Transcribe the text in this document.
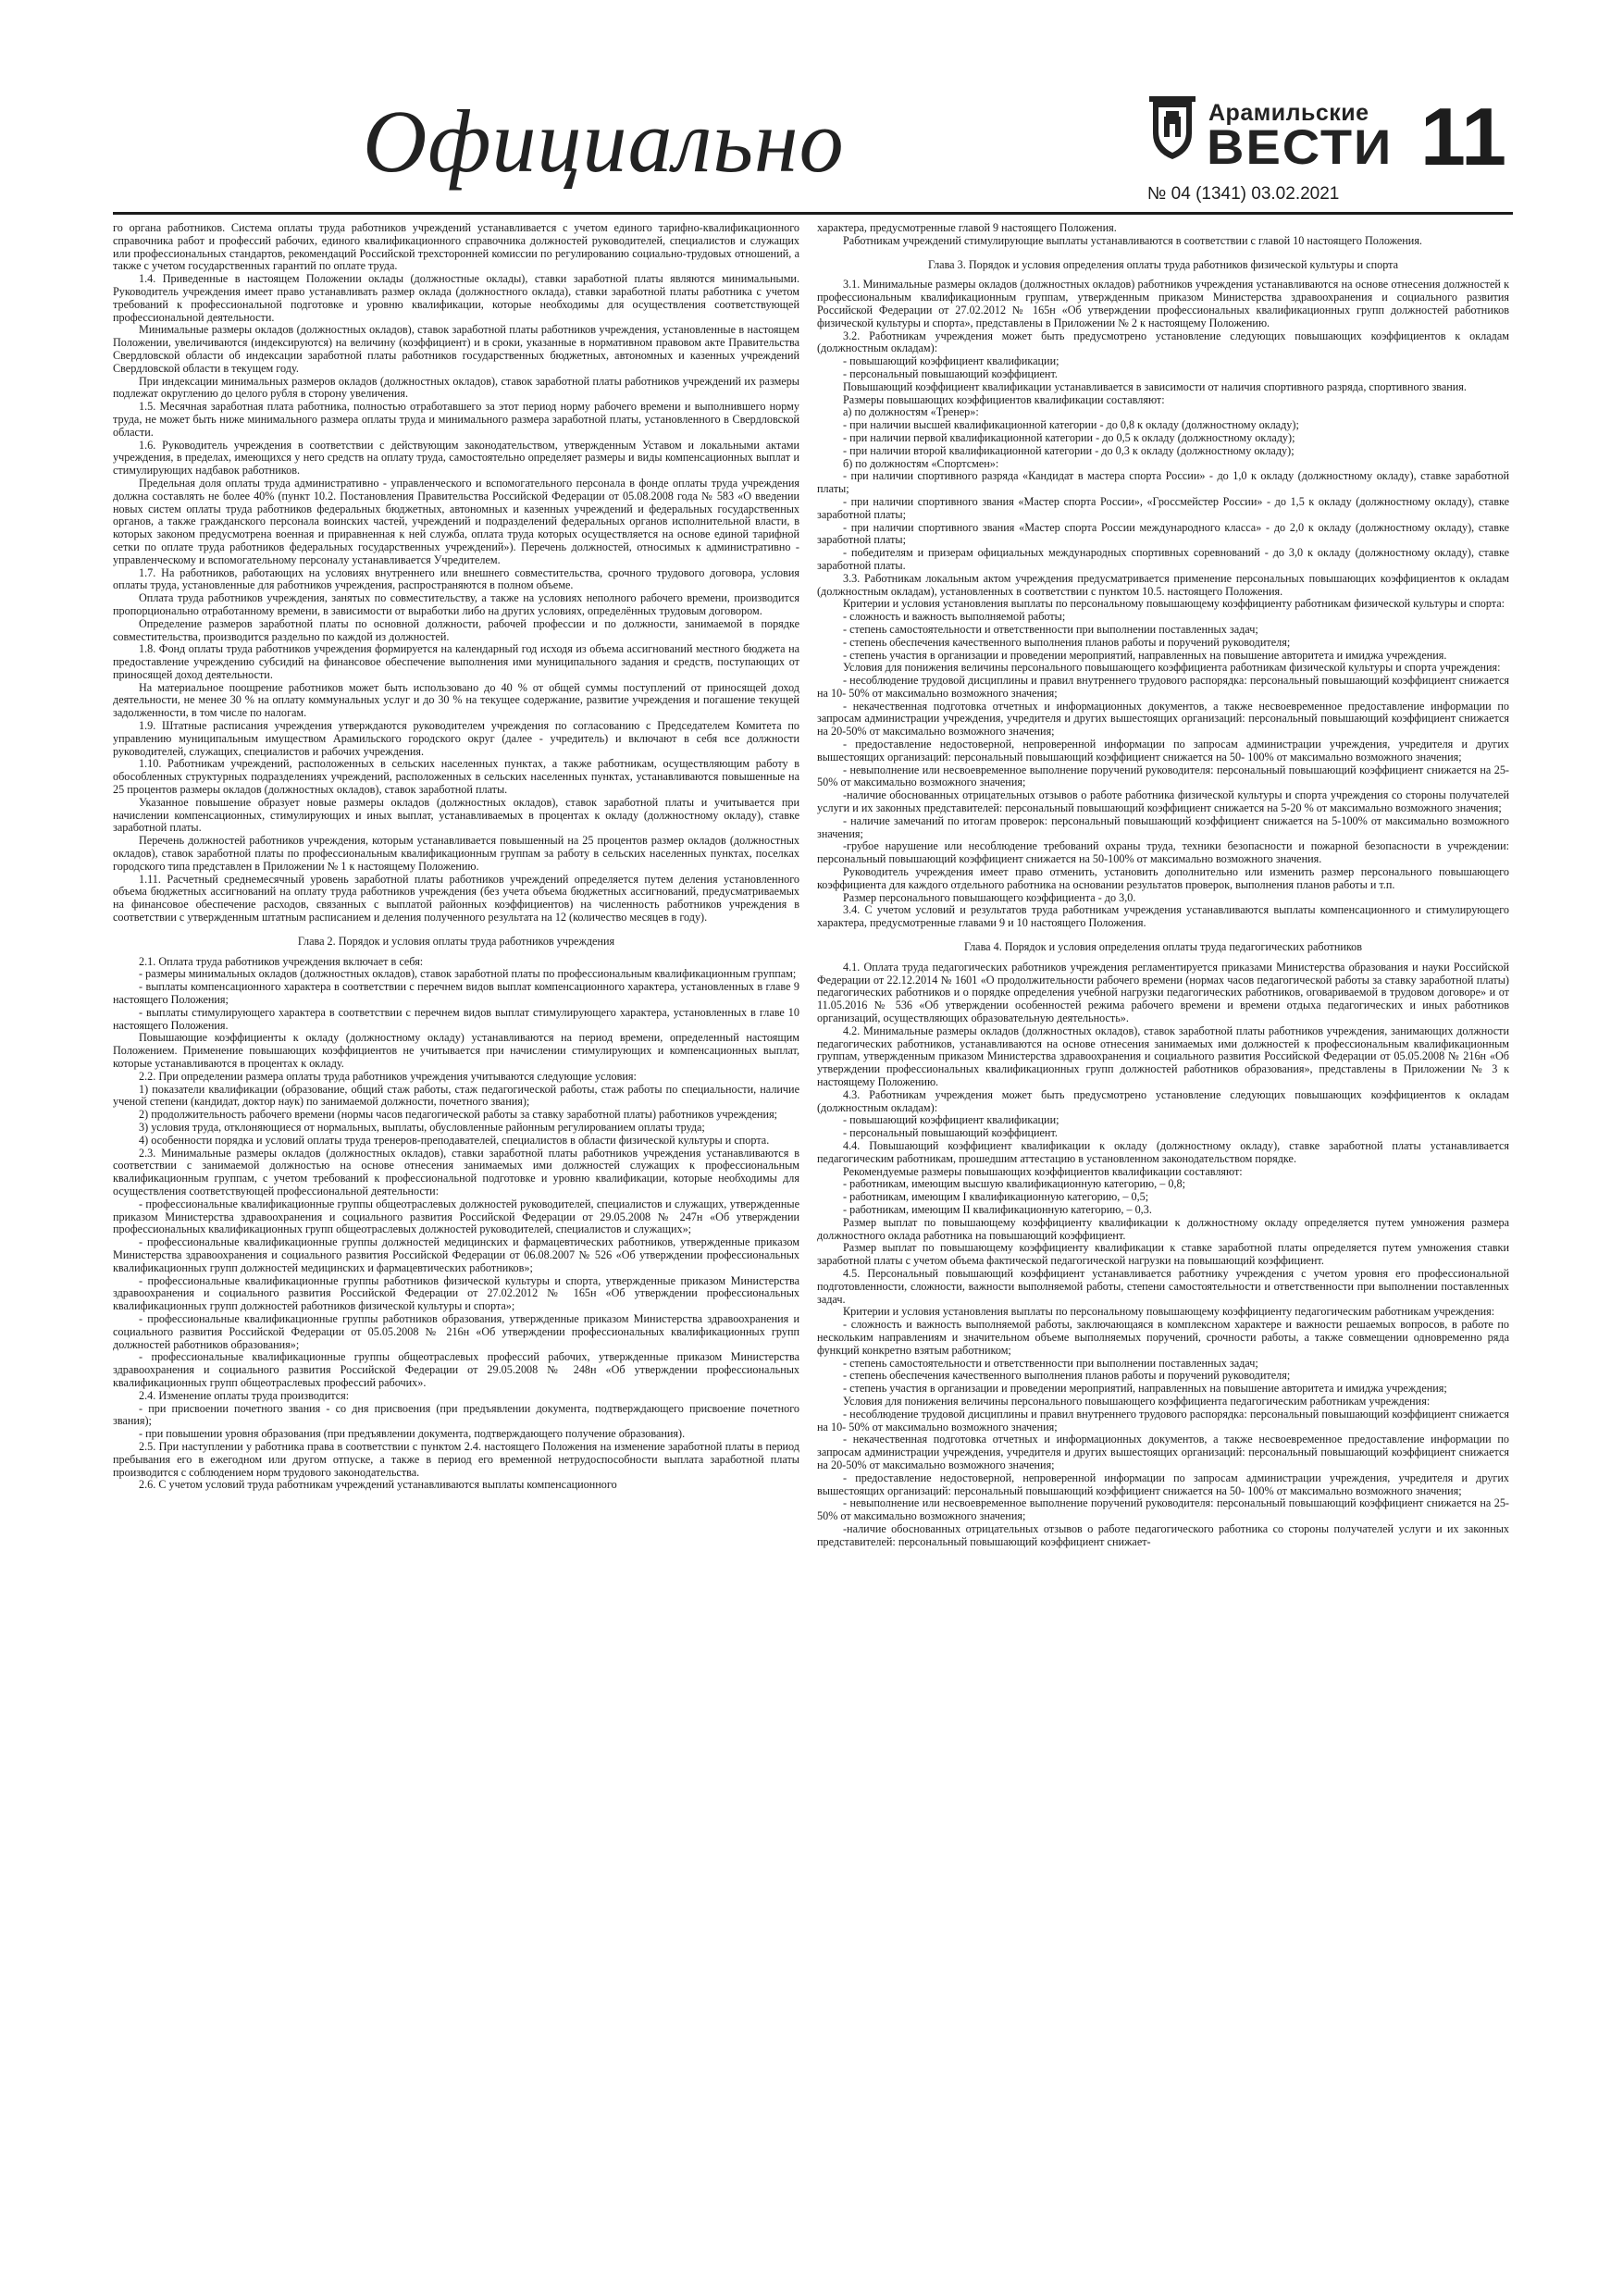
Официально	Арамильские
ВЕСТИ 11
№ 04 (1341) 03.02.2021

го органа работников. Система оплаты труда работников учреждений устанавливается с учетом единого тарифно-квалификационного справочника работ и профессий рабочих, единого квалификационного справочника должностей руководителей, специалистов и служащих или профессиональных стандартов, рекомендаций Российской трехсторонней комиссии по регулированию социально-трудовых отношений, а также с учетом государственных гарантий по оплате труда.

1.4. Приведенные в настоящем Положении оклады (должностные оклады), ставки заработной платы являются минимальными. Руководитель учреждения имеет право устанавливать размер оклада (должностного оклада), ставки заработной платы работника с учетом требований к профессиональной подготовке и уровню квалификации, которые необходимы для осуществления соответствующей профессиональной деятельности.

Минимальные размеры окладов (должностных окладов), ставок заработной платы работников учреждения, установленные в настоящем Положении, увеличиваются (индексируются) на величину (коэффициент) и в сроки, указанные в нормативном правовом акте Правительства Свердловской области об индексации заработной платы работников государственных бюджетных, автономных и казенных учреждений Свердловской области в текущем году.

При индексации минимальных размеров окладов (должностных окладов), ставок заработной платы работников учреждений их размеры подлежат округлению до целого рубля в сторону увеличения.

1.5. Месячная заработная плата работника, полностью отработавшего за этот период норму рабочего времени и выполнившего норму труда, не может быть ниже минимального размера оплаты труда и минимального размера заработной платы, установленного в Свердловской области.

1.6. Руководитель учреждения в соответствии с действующим законодательством, утвержденным Уставом и локальными актами учреждения, в пределах, имеющихся у него средств на оплату труда, самостоятельно определяет размеры и виды компенсационных выплат и стимулирующих надбавок работников.

Предельная доля оплаты труда административно - управленческого и вспомогательного персонала в фонде оплаты труда учреждения должна составлять не более 40% (пункт 10.2. Постановления Правительства Российской Федерации от 05.08.2008 года № 583 «О введении новых систем оплаты труда работников федеральных бюджетных, автономных и казенных учреждений и федеральных государственных органов, а также гражданского персонала воинских частей, учреждений и подразделений федеральных органов исполнительной власти, в которых законом предусмотрена военная и приравненная к ней служба, оплата труда которых осуществляется на основе единой тарифной сетки по оплате труда работников федеральных государственных учреждений»). Перечень должностей, относимых к административно - управленческому и вспомогательному персоналу устанавливается Учредителем.

1.7. На работников, работающих на условиях внутреннего или внешнего совместительства, срочного трудового договора, условия оплаты труда, установленные для работников учреждения, распространяются в полном объеме.

Оплата труда работников учреждения, занятых по совместительству, а также на условиях неполного рабочего времени, производится пропорционально отработанному времени, в зависимости от выработки либо на других условиях, определённых трудовым договором.

Определение размеров заработной платы по основной должности, рабочей профессии и по должности, занимаемой в порядке совместительства, производится раздельно по каждой из должностей.

1.8. Фонд оплаты труда работников учреждения формируется на календарный год исходя из объема ассигнований местного бюджета на предоставление учреждению субсидий на финансовое обеспечение выполнения ими муниципального задания и средств, поступающих от приносящей доход деятельности.

На материальное поощрение работников может быть использовано до 40 % от общей суммы поступлений от приносящей доход деятельности, не менее 30 % на оплату коммунальных услуг и до 30 % на текущее содержание, развитие учреждения и погашение текущей задолженности, в том числе по налогам.

1.9. Штатные расписания учреждения утверждаются руководителем учреждения по согласованию с Председателем Комитета по управлению муниципальным имуществом Арамильского городского округ (далее - учредитель) и включают в себя все должности руководителей, служащих, специалистов и рабочих учреждения.

1.10. Работникам учреждений, расположенных в сельских населенных пунктах, а также работникам, осуществляющим работу в обособленных структурных подразделениях учреждений, расположенных в сельских населенных пунктах, устанавливаются повышенные на 25 процентов размеры окладов (должностных окладов), ставок заработной платы.

Указанное повышение образует новые размеры окладов (должностных окладов), ставок заработной платы и учитывается при начислении компенсационных, стимулирующих и иных выплат, устанавливаемых в процентах к окладу (должностному окладу), ставке заработной платы.

Перечень должностей работников учреждения, которым устанавливается повышенный на 25 процентов размер окладов (должностных окладов), ставок заработной платы по профессиональным квалификационным группам за работу в сельских населенных пунктах, поселках городского типа представлен в Приложении № 1 к настоящему Положению.

1.11. Расчетный среднемесячный уровень заработной платы работников учреждений определяется путем деления установленного объема бюджетных ассигнований на оплату труда работников учреждения (без учета объема бюджетных ассигнований, предусматриваемых на финансовое обеспечение расходов, связанных с выплатой районных коэффициентов) на численность работников учреждения в соответствии с утвержденным штатным расписанием и деления полученного результата на 12 (количество месяцев в году).

Глава 2. Порядок и условия оплаты труда работников учреждения

2.1. Оплата труда работников учреждения включает в себя:

- размеры минимальных окладов (должностных окладов), ставок заработной платы по профессиональным квалификационным группам;

- выплаты компенсационного характера в соответствии с перечнем видов выплат компенсационного характера, установленных в главе 9 настоящего Положения;

- выплаты стимулирующего характера в соответствии с перечнем видов выплат стимулирующего характера, установленных в главе 10 настоящего Положения.

Повышающие коэффициенты к окладу (должностному окладу) устанавливаются на период времени, определенный настоящим Положением. Применение повышающих коэффициентов не учитывается при начислении стимулирующих и компенсационных выплат, которые устанавливаются в процентах к окладу.

2.2. При определении размера оплаты труда работников учреждения учитываются следующие условия:

1) показатели квалификации (образование, общий стаж работы, стаж педагогической работы, стаж работы по специальности, наличие ученой степени (кандидат, доктор наук) по занимаемой должности, почетного звания);

2) продолжительность рабочего времени (нормы часов педагогической работы за ставку заработной платы) работников учреждения;

3) условия труда, отклоняющиеся от нормальных, выплаты, обусловленные районным регулированием оплаты труда;

4) особенности порядка и условий оплаты труда тренеров-преподавателей, специалистов в области физической культуры и спорта.

2.3. Минимальные размеры окладов (должностных окладов), ставки заработной платы работников учреждения устанавливаются в соответствии с занимаемой должностью на основе отнесения занимаемых ими должностей служащих к профессиональным квалификационным группам, с учетом требований к профессиональной подготовке и уровню квалификации, которые необходимы для осуществления соответствующей профессиональной деятельности:

- профессиональные квалификационные группы общеотраслевых должностей руководителей, специалистов и служащих, утвержденные приказом Министерства здравоохранения и социального развития Российской Федерации от 29.05.2008 № 247н «Об утверждении профессиональных квалификационных групп общеотраслевых должностей руководителей, специалистов и служащих»;

- профессиональные квалификационные группы должностей медицинских и фармацевтических работников, утвержденные приказом Министерства здравоохранения и социального развития Российской Федерации от 06.08.2007 № 526 «Об утверждении профессиональных квалификационных групп должностей медицинских и фармацевтических работников»;

- профессиональные квалификационные группы работников физической культуры и спорта, утвержденные приказом Министерства здравоохранения и социального развития Российской Федерации от 27.02.2012 № 165н «Об утверждении профессиональных квалификационных групп должностей работников физической культуры и спорта»;

- профессиональные квалификационные группы работников образования, утвержденные приказом Министерства здравоохранения и социального развития Российской Федерации от 05.05.2008 № 216н «Об утверждении профессиональных квалификационных групп должностей работников образования»;

- профессиональные квалификационные группы общеотраслевых профессий рабочих, утвержденные приказом Министерства здравоохранения и социального развития Российской Федерации от 29.05.2008 № 248н «Об утверждении профессиональных квалификационных групп общеотраслевых профессий рабочих».

2.4. Изменение оплаты труда производится:

- при присвоении почетного звания - со дня присвоения (при предъявлении документа, подтверждающего присвоение почетного звания);

- при повышении уровня образования (при предъявлении документа, подтверждающего получение образования).

2.5. При наступлении у работника права в соответствии с пунктом 2.4. настоящего Положения на изменение заработной платы в период пребывания его в ежегодном или другом отпуске, а также в период его временной нетрудоспособности выплата заработной платы производится с соблюдением норм трудового законодательства.

2.6. С учетом условий труда работникам учреждений устанавливаются выплаты компенсационного

характера, предусмотренные главой 9 настоящего Положения.

Работникам учреждений стимулирующие выплаты устанавливаются в соответствии с главой 10 настоящего Положения.

Глава 3. Порядок и условия определения оплаты труда работников физической культуры и спорта

3.1. Минимальные размеры окладов (должностных окладов) работников учреждения устанавливаются на основе отнесения должностей к профессиональным квалификационным группам, утвержденным приказом Министерства здравоохранения и социального развития Российской Федерации от 27.02.2012 № 165н «Об утверждении профессиональных квалификационных групп должностей работников физической культуры и спорта», представлены в Приложении № 2 к настоящему Положению.

3.2. Работникам учреждения может быть предусмотрено установление следующих повышающих коэффициентов к окладам (должностным окладам):

- повышающий коэффициент квалификации;

- персональный повышающий коэффициент.

Повышающий коэффициент квалификации устанавливается в зависимости от наличия спортивного разряда, спортивного звания.

Размеры повышающих коэффициентов квалификации составляют:

а) по должностям «Тренер»:

- при наличии высшей квалификационной категории - до 0,8 к окладу (должностному окладу);

- при наличии первой квалификационной категории - до 0,5 к окладу (должностному окладу);

- при наличии второй квалификационной категории - до 0,3 к окладу (должностному окладу);

б) по должностям «Спортсмен»:

- при наличии спортивного разряда «Кандидат в мастера спорта России» - до 1,0 к окладу (должностному окладу), ставке заработной платы;

- при наличии спортивного звания «Мастер спорта России», «Гроссмейстер России» - до 1,5 к окладу (должностному окладу), ставке заработной платы;

- при наличии спортивного звания «Мастер спорта России международного класса» - до 2,0 к окладу (должностному окладу), ставке заработной платы;

- победителям и призерам официальных международных спортивных соревнований - до 3,0 к окладу (должностному окладу), ставке заработной платы.

3.3. Работникам локальным актом учреждения предусматривается применение персональных повышающих коэффициентов к окладам (должностным окладам), установленных в соответствии с пунктом 10.5. настоящего Положения.

Критерии и условия установления выплаты по персональному повышающему коэффициенту работникам физической культуры и спорта:

- сложность и важность выполняемой работы;

- степень самостоятельности и ответственности при выполнении поставленных задач;

- степень обеспечения качественного выполнения планов работы и поручений руководителя;

- степень участия в организации и проведении мероприятий, направленных на повышение авторитета и имиджа учреждения.

Условия для понижения величины персонального повышающего коэффициента работникам физической культуры и спорта учреждения:

- несоблюдение трудовой дисциплины и правил внутреннего трудового распорядка: персональный повышающий коэффициент снижается на 10- 50% от максимально возможного значения;

- некачественная подготовка отчетных и информационных документов, а также несвоевременное предоставление информации по запросам администрации учреждения, учредителя и других вышестоящих организаций: персональный повышающий коэффициент снижается на 20-50% от максимально возможного значения;

- предоставление недостоверной, непроверенной информации по запросам администрации учреждения, учредителя и других вышестоящих организаций: персональный повышающий коэффициент снижается на 50- 100% от максимально возможного значения;

- невыполнение или несвоевременное выполнение поручений руководителя: персональный повышающий коэффициент снижается на 25-50% от максимально возможного значения;

-наличие обоснованных отрицательных отзывов о работе работника физической культуры и спорта учреждения со стороны получателей услуги и их законных представителей: персональный повышающий коэффициент снижается на 5-20 % от максимально возможного значения;

- наличие замечаний по итогам проверок: персональный повышающий коэффициент снижается на 5-100% от максимально возможного значения;

-грубое нарушение или несоблюдение требований охраны труда, техники безопасности и пожарной безопасности в учреждении: персональный повышающий коэффициент снижается на 50-100% от максимально возможного значения.

Руководитель учреждения имеет право отменить, установить дополнительно или изменить размер персонального повышающего коэффициента для каждого отдельного работника на основании результатов проверок, выполнения планов работы и т.п.

Размер персонального повышающего коэффициента - до 3,0.

3.4. С учетом условий и результатов труда работникам учреждения устанавливаются выплаты компенсационного и стимулирующего характера, предусмотренные главами 9 и 10 настоящего Положения.

Глава 4. Порядок и условия определения оплаты труда педагогических работников

4.1. Оплата труда педагогических работников учреждения регламентируется приказами Министерства образования и науки Российской Федерации от 22.12.2014 № 1601 «О продолжительности рабочего времени (нормах часов педагогической работы за ставку заработной платы) педагогических работников и о порядке определения учебной нагрузки педагогических работников, оговариваемой в трудовом договоре» и от 11.05.2016 № 536 «Об утверждении особенностей режима рабочего времени и времени отдыха педагогических и иных работников организаций, осуществляющих образовательную деятельность».

4.2. Минимальные размеры окладов (должностных окладов), ставок заработной платы работников учреждения, занимающих должности педагогических работников, устанавливаются на основе отнесения занимаемых ими должностей к профессиональным квалификационным группам, утвержденным приказом Министерства здравоохранения и социального развития Российской Федерации от 05.05.2008 № 216н «Об утверждении профессиональных квалификационных групп должностей работников образования», представлены в Приложении № 3 к настоящему Положению.

4.3. Работникам учреждения может быть предусмотрено установление следующих повышающих коэффициентов к окладам (должностным окладам):

- повышающий коэффициент квалификации;

- персональный повышающий коэффициент.

4.4. Повышающий коэффициент квалификации к окладу (должностному окладу), ставке заработной платы устанавливается педагогическим работникам, прошедшим аттестацию в установленном законодательством порядке.

Рекомендуемые размеры повышающих коэффициентов квалификации составляют:

- работникам, имеющим высшую квалификационную категорию, – 0,8;

- работникам, имеющим I квалификационную категорию, – 0,5;

- работникам, имеющим II квалификационную категорию, – 0,3.

Размер выплат по повышающему коэффициенту квалификации к должностному окладу определяется путем умножения размера должностного оклада работника на повышающий коэффициент.

Размер выплат по повышающему коэффициенту квалификации к ставке заработной платы определяется путем умножения ставки заработной платы с учетом объема фактической педагогической нагрузки на повышающий коэффициент.

4.5. Персональный повышающий коэффициент устанавливается работнику учреждения с учетом уровня его профессиональной подготовленности, сложности, важности выполняемой работы, степени самостоятельности и ответственности при выполнении поставленных задач.

Критерии и условия установления выплаты по персональному повышающему коэффициенту педагогическим работникам учреждения:

- сложность и важность выполняемой работы, заключающаяся в комплексном характере и важности решаемых вопросов, в работе по нескольким направлениям и значительном объеме выполняемых поручений, срочности работы, а также совмещении одновременно ряда функций конкретно взятым работником;

- степень самостоятельности и ответственности при выполнении поставленных задач;

- степень обеспечения качественного выполнения планов работы и поручений руководителя;

- степень участия в организации и проведении мероприятий, направленных на повышение авторитета и имиджа учреждения;

Условия для понижения величины персонального повышающего коэффициента педагогическим работникам учреждения:

- несоблюдение трудовой дисциплины и правил внутреннего трудового распорядка: персональный повышающий коэффициент снижается на 10- 50% от максимально возможного значения;

- некачественная подготовка отчетных и информационных документов, а также несвоевременное предоставление информации по запросам администрации учреждения, учредителя и других вышестоящих организаций: персональный повышающий коэффициент снижается на 20-50% от максимально возможного значения;

- предоставление недостоверной, непроверенной информации по запросам администрации учреждения, учредителя и других вышестоящих организаций: персональный повышающий коэффициент снижается на 50- 100% от максимально возможного значения;

- невыполнение или несвоевременное выполнение поручений руководителя: персональный повышающий коэффициент снижается на 25-50% от максимально возможного значения;

-наличие обоснованных отрицательных отзывов о работе педагогического работника со стороны получателей услуги и их законных представителей: персональный повышающий коэффициент снижает-
